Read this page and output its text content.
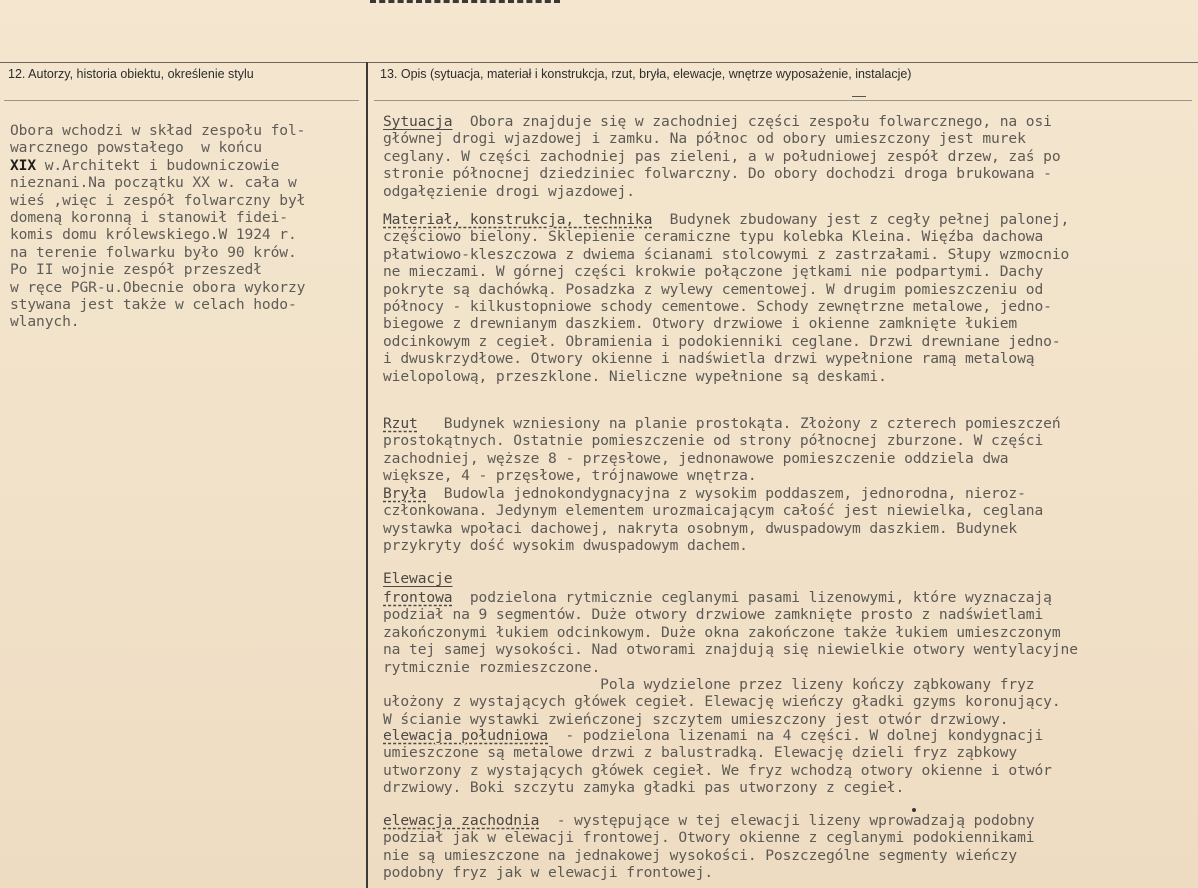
12. Autorzy, historia obiektu, określenie stylu	13. Opis (sytuacja, materiał i konstrukcja, rzut, bryła, elewacje, wnętrze wyposażenie, instalacje)
Obora wchodzi w skład zespołu fol-
warcznego powstałego  w końcu
XIX w.Architekt i budowniczowie
nieznani.Na początku XX w. cała w
wieś ,więc i zespół folwarczny był
domeną koronną i stanowił fidei-
komis domu królewskiego.W 1924 r.
na terenie folwarku było 90 krów.
Po II wojnie zespół przeszedł
w ręce PGR-u.Obecnie obora wykorzy
stywana jest także w celach hodo-
wlanych.
Sytuacja  Obora znajduje się w zachodniej części zespołu folwarcznego, na osi
głównej drogi wjazdowej i zamku. Na północ od obory umieszczony jest murek
ceglany. W części zachodniej pas zieleni, a w południowej zespół drzew, zaś po
stronie północnej dziedziniec folwarczny. Do obory dochodzi droga brukowana -
odgałęzienie drogi wjazdowej.
Materiał, konstrukcja, technika  Budynek zbudowany jest z cegły pełnej palonej,
częściowo bielony. Sklepienie ceramiczne typu kolebka Kleina. Więźba dachowa
płatwiowo-kleszczowa z dwiema ścianami stolcowymi z zastrzałami. Słupy wzmocnio
ne mieczami. W górnej części krokwie połączone jętkami nie podpartymi. Dachy
pokryte są dachówką. Posadzka z wylewy cementowej. W drugim pomieszczeniu od
północy - kilkustopniowe schody cementowe. Schody zewnętrzne metalowe, jedno-
biegowe z drewnianym daszkiem. Otwory drzwiowe i okienne zamknięte łukiem
odcinkowym z cegieł. Obramienia i podokienniki ceglane. Drzwi drewniane jedno-
i dwuskrzydłowe. Otwory okienne i nadświetla drzwi wypełnione ramą metalową
wielopolową, przeszklone. Nieliczne wypełnione są deskami.
Rzut   Budynek wzniesiony na planie prostokąta. Złożony z czterech pomieszczeń
prostokątnych. Ostatnie pomieszczenie od strony północnej zburzone. W części
zachodniej, węższe 8 - przęsłowe, jednonawowe pomieszczenie oddziela dwa
większe, 4 - przęsłowe, trójnawowe wnętrza.
Bryła  Budowla jednokondygnacyjna z wysokim poddaszem, jednorodna, nieroz-
członkowana. Jedynym elementem urozmaicającym całość jest niewielka, ceglana
wystawka wpołaci dachowej, nakryta osobnym, dwuspadowym daszkiem. Budynek
przykryty dość wysokim dwuspadowym dachem.
Elewacje
frontowa  podzielona rytmicznie ceglanymi pasami lizenowymi, które wyznaczają
podział na 9 segmentów. Duże otwory drzwiowe zamknięte prosto z nadświetlami
zakończonymi łukiem odcinkowym. Duże okna zakończone także łukiem umieszczonym
na tej samej wysokości. Nad otworami znajdują się niewielkie otwory wentylacyjne
rytmicznie rozmieszczone.
Pola wydzielone przez lizeny kończy ząbkowany fryz
ułożony z wystających główek cegieł. Elewację wieńczy gładki gzyms koronujący.
W ścianie wystawki zwieńczonej szczytem umieszczony jest otwór drzwiowy.
elewacja południowa  - podzielona lizenami na 4 części. W dolnej kondygnacji
umieszczone są metalowe drzwi z balustradką. Elewację dzieli fryz ząbkowy
utworzony z wystających główek cegieł. We fryz wchodzą otwory okienne i otwór
drzwiowy. Boki szczytu zamyka gładki pas utworzony z cegieł.
elewacja zachodnia  - występujące w tej elewacji lizeny wprowadzają podobny
podział jak w elewacji frontowej. Otwory okienne z ceglanymi podokiennikami
nie są umieszczone na jednakowej wysokości. Poszczególne segmenty wieńczy
podobny fryz jak w elewacji frontowej.
